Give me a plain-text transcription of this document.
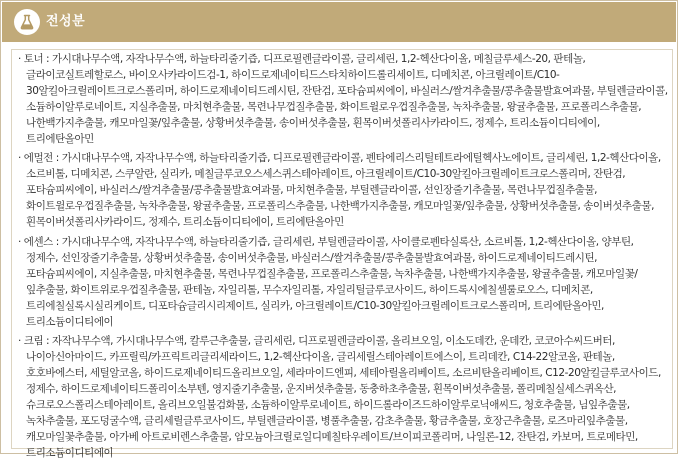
전성분

· 토너 : 가시대나무수액, 자작나무수액, 하늘타리줄기즙, 디프로필렌글라이콜, 글리세린, 1,2-헥산다이올, 메칠글루세스-20, 판테놀, 글라이코실트레할로스, 바이오사카라이드검-1, 하이드로제네이티드스타치하이드롤리세이트, 디메치콘, 아크릴레이트/C10-30알킬아크릴레이트크로스폴리머, 하이드로제네이티드레시틴, 잔탄검, 포타슘피씨에이, 바실러스/쌀겨추출물/콩추출물발효여과물, 부틸렌글라이콜, 소듐하이알루로네이트, 지실추출물, 마치현추출물, 목련나무껍질추출물, 화이트윌로우껍질추출물, 녹차추출물, 왕귤추출물, 프로폴리스추출물, 나한백가지추출물, 캐모마일꽃/잎추출물, 상황버섯추출물, 송이버섯추출물, 흰목이버섯폴리사카라이드, 정제수, 트리소듐이디티에이, 트리에탄올아민

· 에멀전 : 가시대나무수액, 자작나무수액, 하늘타리줄기즙, 디프로필렌글라이콜, 펜타에리스리틸테트라에틸헥사노에이트, 글리세린, 1,2-헥산다이올, 소르비톨, 디메치콘, 스쿠알란, 실리카, 메칠글루코오스세스퀴스테아레이트, 아크릴레이트/C10-30알킬아크릴레이트크로스폴리머, 잔탄검, 포타슘피씨에이, 바실러스/쌀겨추출물/콩추출물발효여과물, 마치현추출물, 부틸렌글라이콜, 선인장줄기추출물, 목련나무껍질추출물, 화이트윌로우껍질추출물, 녹차추출물, 왕귤추출물, 프로폴리스추출물, 나한백가지추출물, 캐모마일꽃/잎추출물, 상황버섯추출물, 송이버섯추출물, 흰목이버섯폴리사카라이드, 정제수, 트리소듐이디티에이, 트리에탄올아민

· 에센스 : 가시대나무수액, 자작나무수액, 하늘타리줄기즙, 글리세린, 부틸렌글라이콜, 사이클로펜타실록산, 소르비톨, 1,2-헥산다이올, 양부틴, 정제수, 선인장줄기추출물, 상황버섯추출물, 송이버섯추출물, 바실러스/쌀겨추출물/콩추출물발효여과물, 하이드로제네이티드레시틴, 포타슘피씨에이, 지실추출물, 마치현추출물, 목련나무껍질추출물, 프로폴리스추출물, 녹차추출물, 나한백가지추출물, 왕귤추출물, 캐모마일꽃/잎추출물, 화이트위로우껍질추출물, 판테놀, 자일리톨, 무수자일리톨, 자일리틸글루코사이드, 하이드록시에칠셀룰로오스, 디메치콘, 트리에칠실록시실리케이트, 디포타슘글리시리제이트, 실리카, 아크릴레이트/C10-30알킬아크릴레이트크로스폴리머, 트리에탄올아민, 트리소듐이디티에이

· 크림 : 자작나무수액, 가시대나무수액, 칼루근추출물, 글리세린, 디프로필렌글라이콜, 올리브오일, 이소도데칸, 운데칸, 코코아수씨드버터, 나이아신아마이드, 카프릴릭/카프릭트리글리세라이드, 1,2-헥산다이올, 글리세릴스테아레이트에스이, 트리데칸, C14-22알코올, 판테놀, 호호바에스터, 세틸알코올, 하이드로제네이티드올리브오일, 세라마이드엔피, 세테아릴올리베이트, 소르비탄올리베이트, C12-20알킬글루코사이드, 정제수, 하이드로제네이티드폴리이소부텐, 영지줄기추출물, 운지버섯추출물, 동충하초추출물, 흰목이버섯추출물, 폴리메칠실세스퀴옥산, 슈크로오스폴리스테아레이트, 올리브오일불검화물, 소듐하이알루로네이트, 하이드롤라이즈드하이알루로닉애씨드, 청호추출물, 님잎추출물, 녹차추출물, 포도덩굴수액, 글리세릴글루코사이드, 부틸렌글라이콜, 병풀추출물, 감초추출물, 황금추출물, 호장근추출물, 로즈마리잎추출물, 캐모마일꽃추출물, 아가베 아트로비렌스추출물, 암모늄아크릴로일디메칠타우레이트/브이피코폴리머, 나일론-12, 잔탄검, 카보머, 트로메타민, 트리소듐이디티에이
